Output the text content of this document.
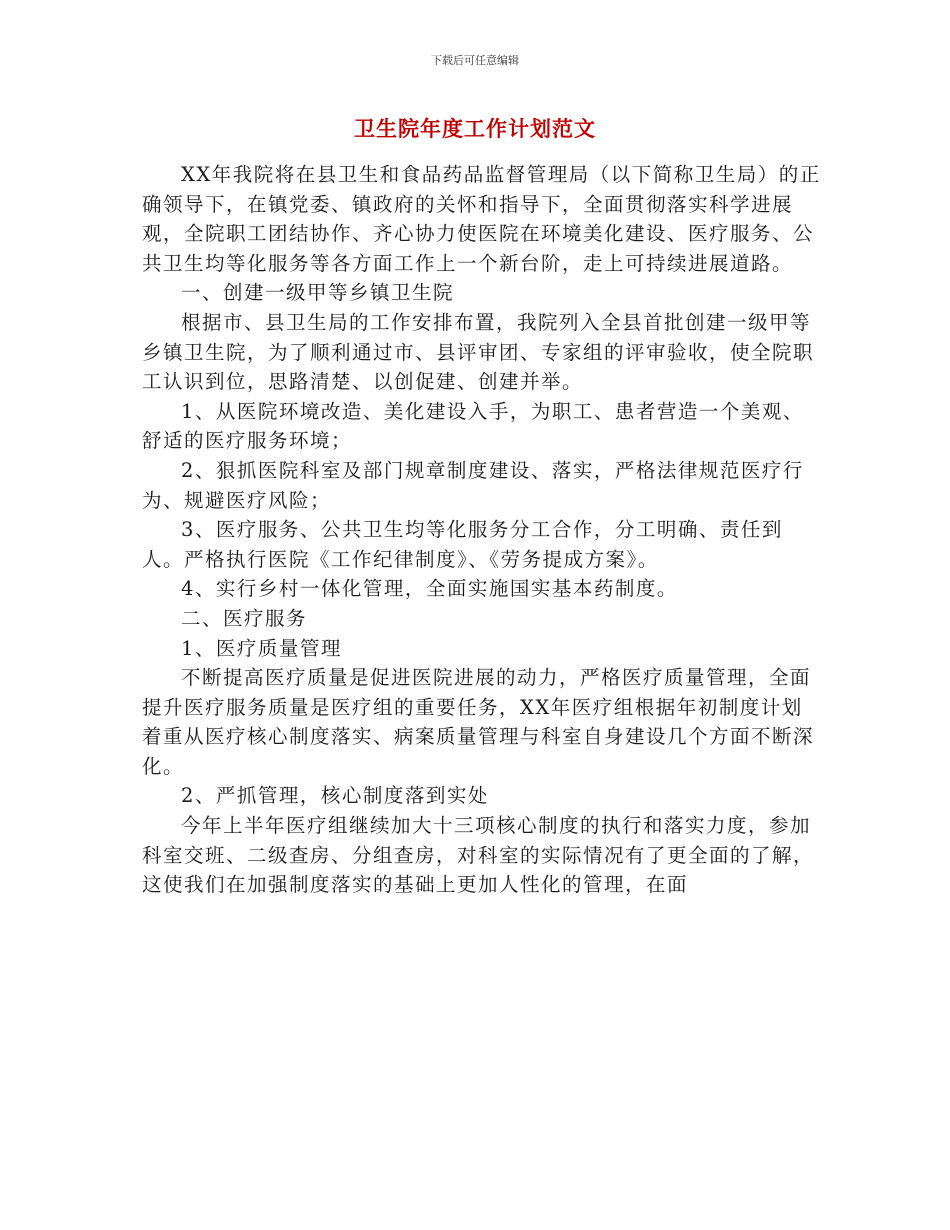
下载后可任意编辑
卫生院年度工作计划范文

XX年我院将在县卫生和食品药品监督管理局（以下简称卫生局）的正确领导下，在镇党委、镇政府的关怀和指导下，全面贯彻落实科学进展观，全院职工团结协作、齐心协力使医院在环境美化建设、医疗服务、公共卫生均等化服务等各方面工作上一个新台阶，走上可持续进展道路。

一、创建一级甲等乡镇卫生院

根据市、县卫生局的工作安排布置，我院列入全县首批创建一级甲等乡镇卫生院，为了顺利通过市、县评审团、专家组的评审验收，使全院职工认识到位，思路清楚、以创促建、创建并举。

1、从医院环境改造、美化建设入手，为职工、患者营造一个美观、舒适的医疗服务环境；

2、狠抓医院科室及部门规章制度建设、落实，严格法律规范医疗行为、规避医疗风险；

3、医疗服务、公共卫生均等化服务分工合作，分工明确、责任到人。严格执行医院《工作纪律制度》、《劳务提成方案》。

4、实行乡村一体化管理，全面实施国实基本药制度。

二、医疗服务

1、医疗质量管理

不断提高医疗质量是促进医院进展的动力，严格医疗质量管理，全面提升医疗服务质量是医疗组的重要任务，XX年医疗组根据年初制度计划着重从医疗核心制度落实、病案质量管理与科室自身建设几个方面不断深化。

2、严抓管理，核心制度落到实处

今年上半年医疗组继续加大十三项核心制度的执行和落实力度，参加科室交班、二级查房、分组查房，对科室的实际情况有了更全面的了解，这使我们在加强制度落实的基础上更加人性化的管理，在面
